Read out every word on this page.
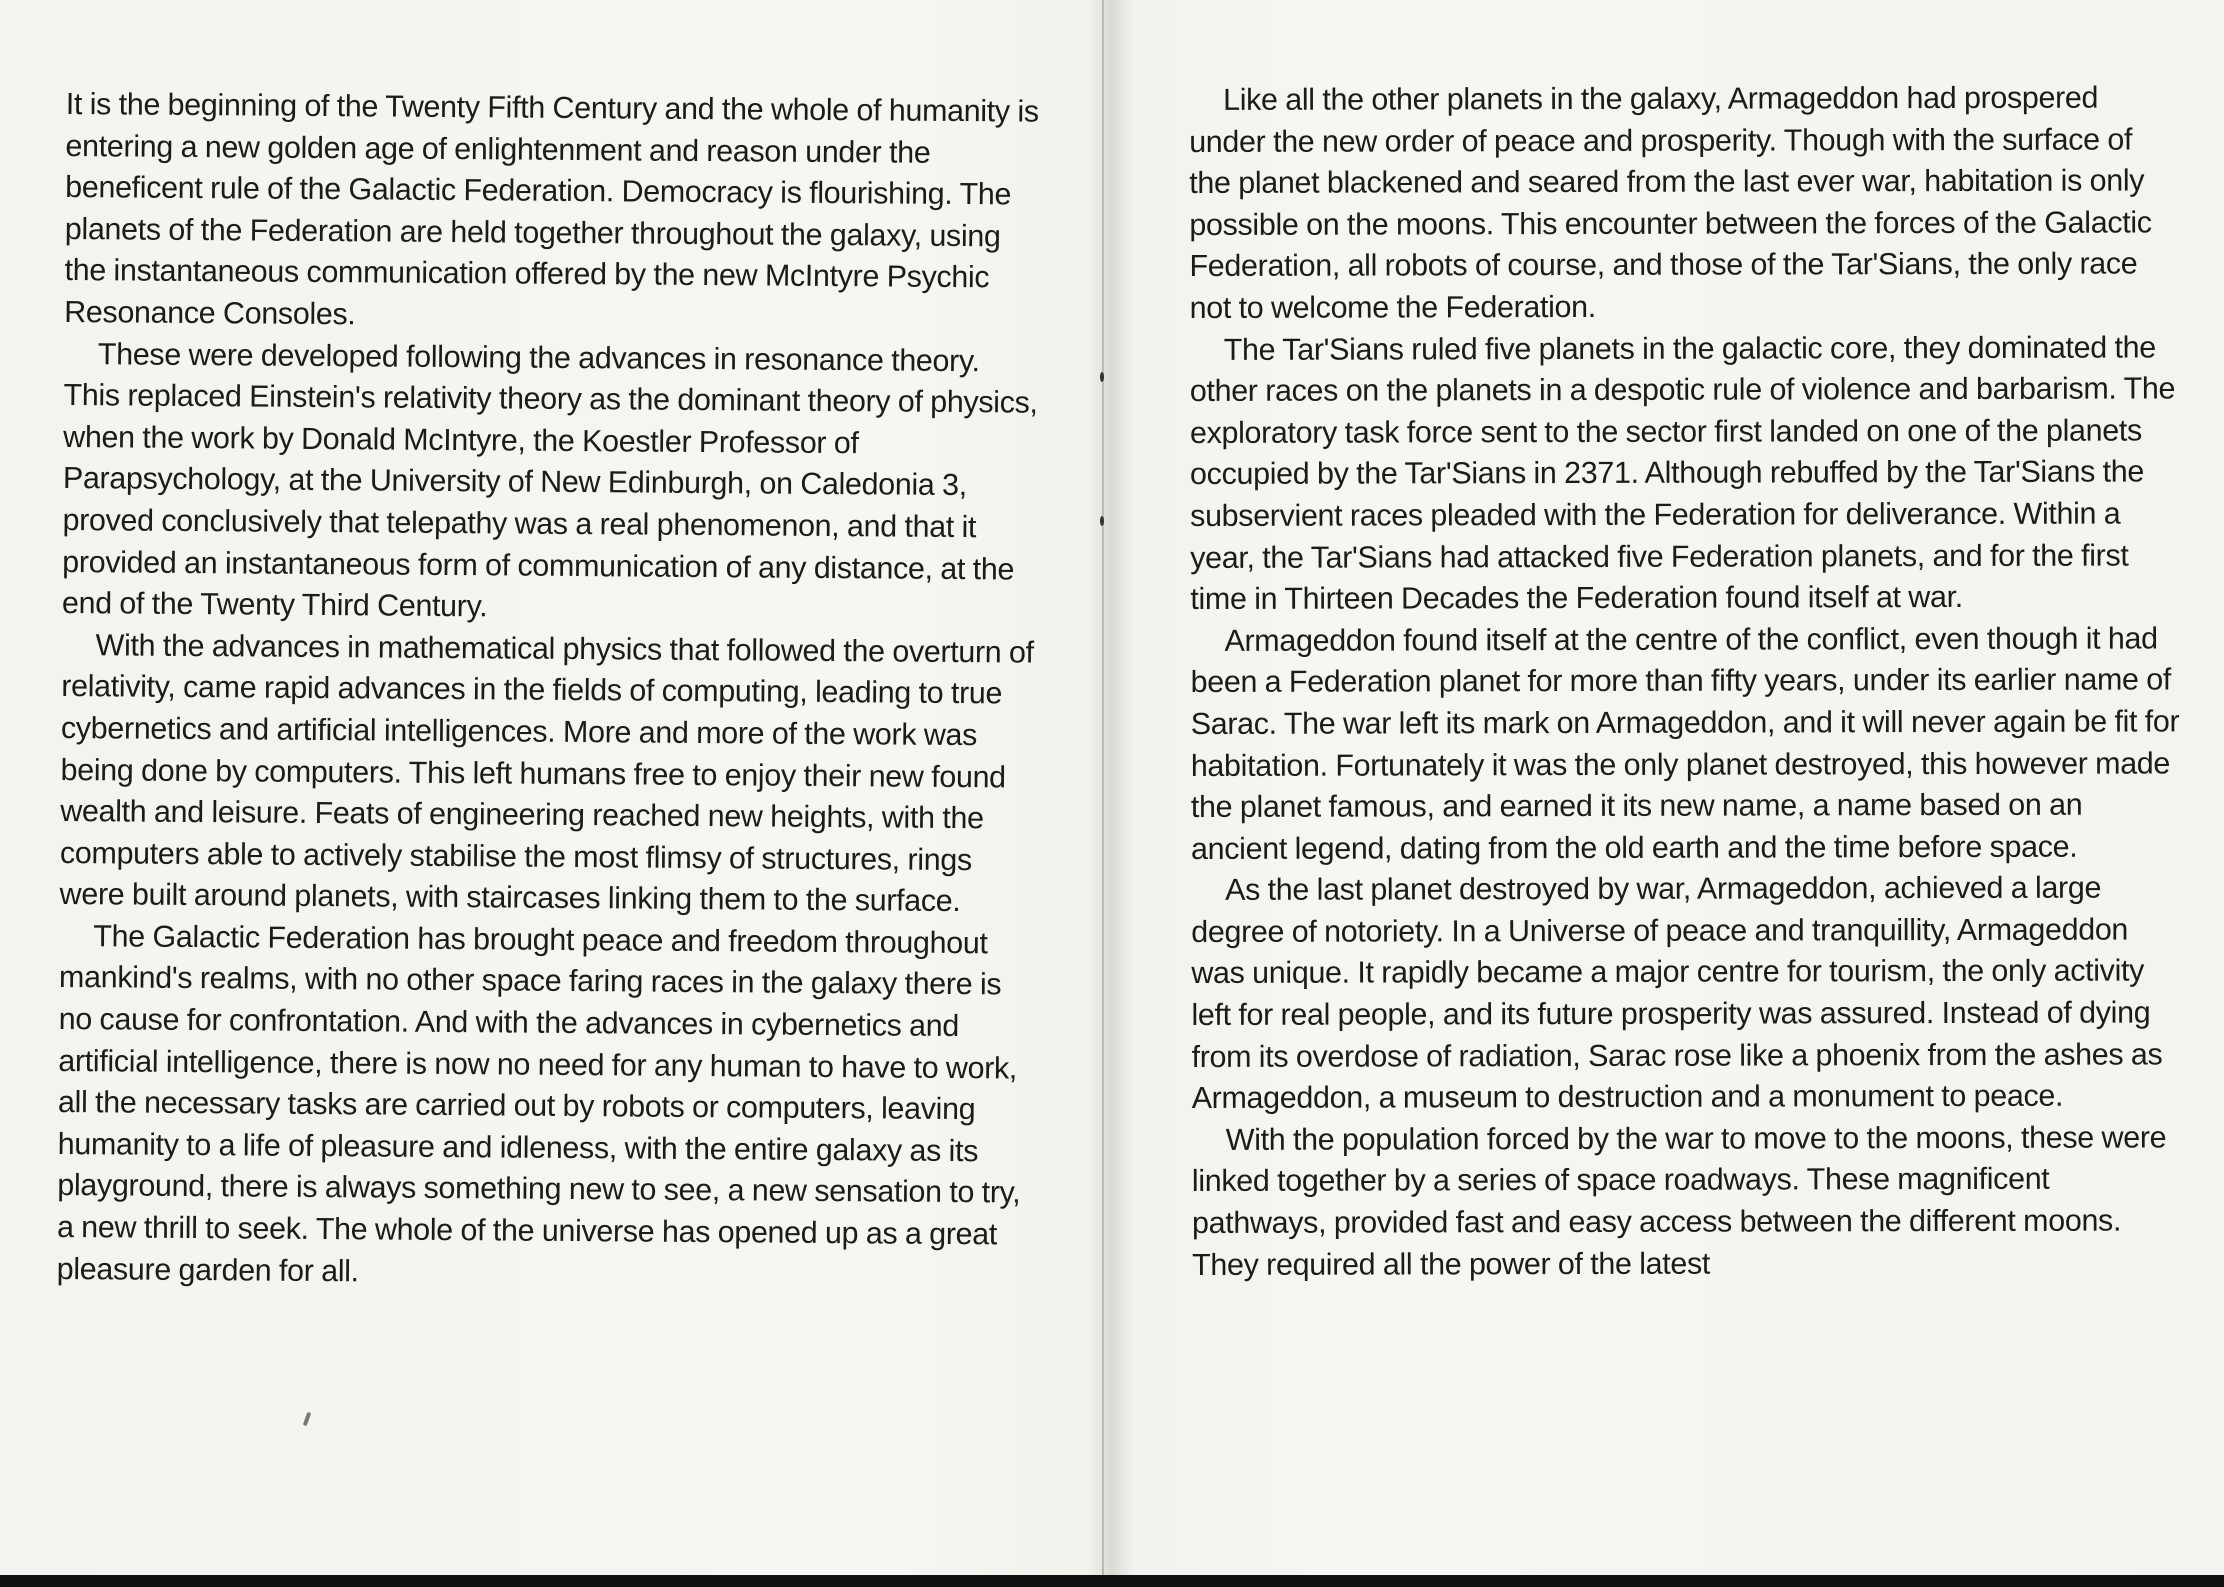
It is the beginning of the Twenty Fifth Century and the whole of humanity is entering a new golden age of enlightenment and reason under the beneficent rule of the Galactic Federation. Democracy is flourishing. The planets of the Federation are held together throughout the galaxy, using the instantaneous communication offered by the new McIntyre Psychic Resonance Consoles.

These were developed following the advances in resonance theory. This replaced Einstein's relativity theory as the dominant theory of physics, when the work by Donald McIntyre, the Koestler Professor of Parapsychology, at the University of New Edinburgh, on Caledonia 3, proved conclusively that telepathy was a real phenomenon, and that it provided an instantaneous form of communication of any distance, at the end of the Twenty Third Century.

With the advances in mathematical physics that followed the overturn of relativity, came rapid advances in the fields of computing, leading to true cybernetics and artificial intelligences. More and more of the work was being done by computers. This left humans free to enjoy their new found wealth and leisure. Feats of engineering reached new heights, with the computers able to actively stabilise the most flimsy of structures, rings were built around planets, with staircases linking them to the surface.

The Galactic Federation has brought peace and freedom throughout mankind's realms, with no other space faring races in the galaxy there is no cause for confrontation. And with the advances in cybernetics and artificial intelligence, there is now no need for any human to have to work, all the necessary tasks are carried out by robots or computers, leaving humanity to a life of pleasure and idleness, with the entire galaxy as its playground, there is always something new to see, a new sensation to try, a new thrill to seek. The whole of the universe has opened up as a great pleasure garden for all.

Like all the other planets in the galaxy, Armageddon had prospered under the new order of peace and prosperity. Though with the surface of the planet blackened and seared from the last ever war, habitation is only possible on the moons. This encounter between the forces of the Galactic Federation, all robots of course, and those of the Tar'Sians, the only race not to welcome the Federation.

The Tar'Sians ruled five planets in the galactic core, they dominated the other races on the planets in a despotic rule of violence and barbarism. The exploratory task force sent to the sector first landed on one of the planets occupied by the Tar'Sians in 2371. Although rebuffed by the Tar'Sians the subservient races pleaded with the Federation for deliverance. Within a year, the Tar'Sians had attacked five Federation planets, and for the first time in Thirteen Decades the Federation found itself at war.

Armageddon found itself at the centre of the conflict, even though it had been a Federation planet for more than fifty years, under its earlier name of Sarac. The war left its mark on Armageddon, and it will never again be fit for habitation. Fortunately it was the only planet destroyed, this however made the planet famous, and earned it its new name, a name based on an ancient legend, dating from the old earth and the time before space.

As the last planet destroyed by war, Armageddon, achieved a large degree of notoriety. In a Universe of peace and tranquillity, Armageddon was unique. It rapidly became a major centre for tourism, the only activity left for real people, and its future prosperity was assured. Instead of dying from its overdose of radiation, Sarac rose like a phoenix from the ashes as Armageddon, a museum to destruction and a monument to peace.

With the population forced by the war to move to the moons, these were linked together by a series of space roadways. These magnificent pathways, provided fast and easy access between the different moons. They required all the power of the latest
